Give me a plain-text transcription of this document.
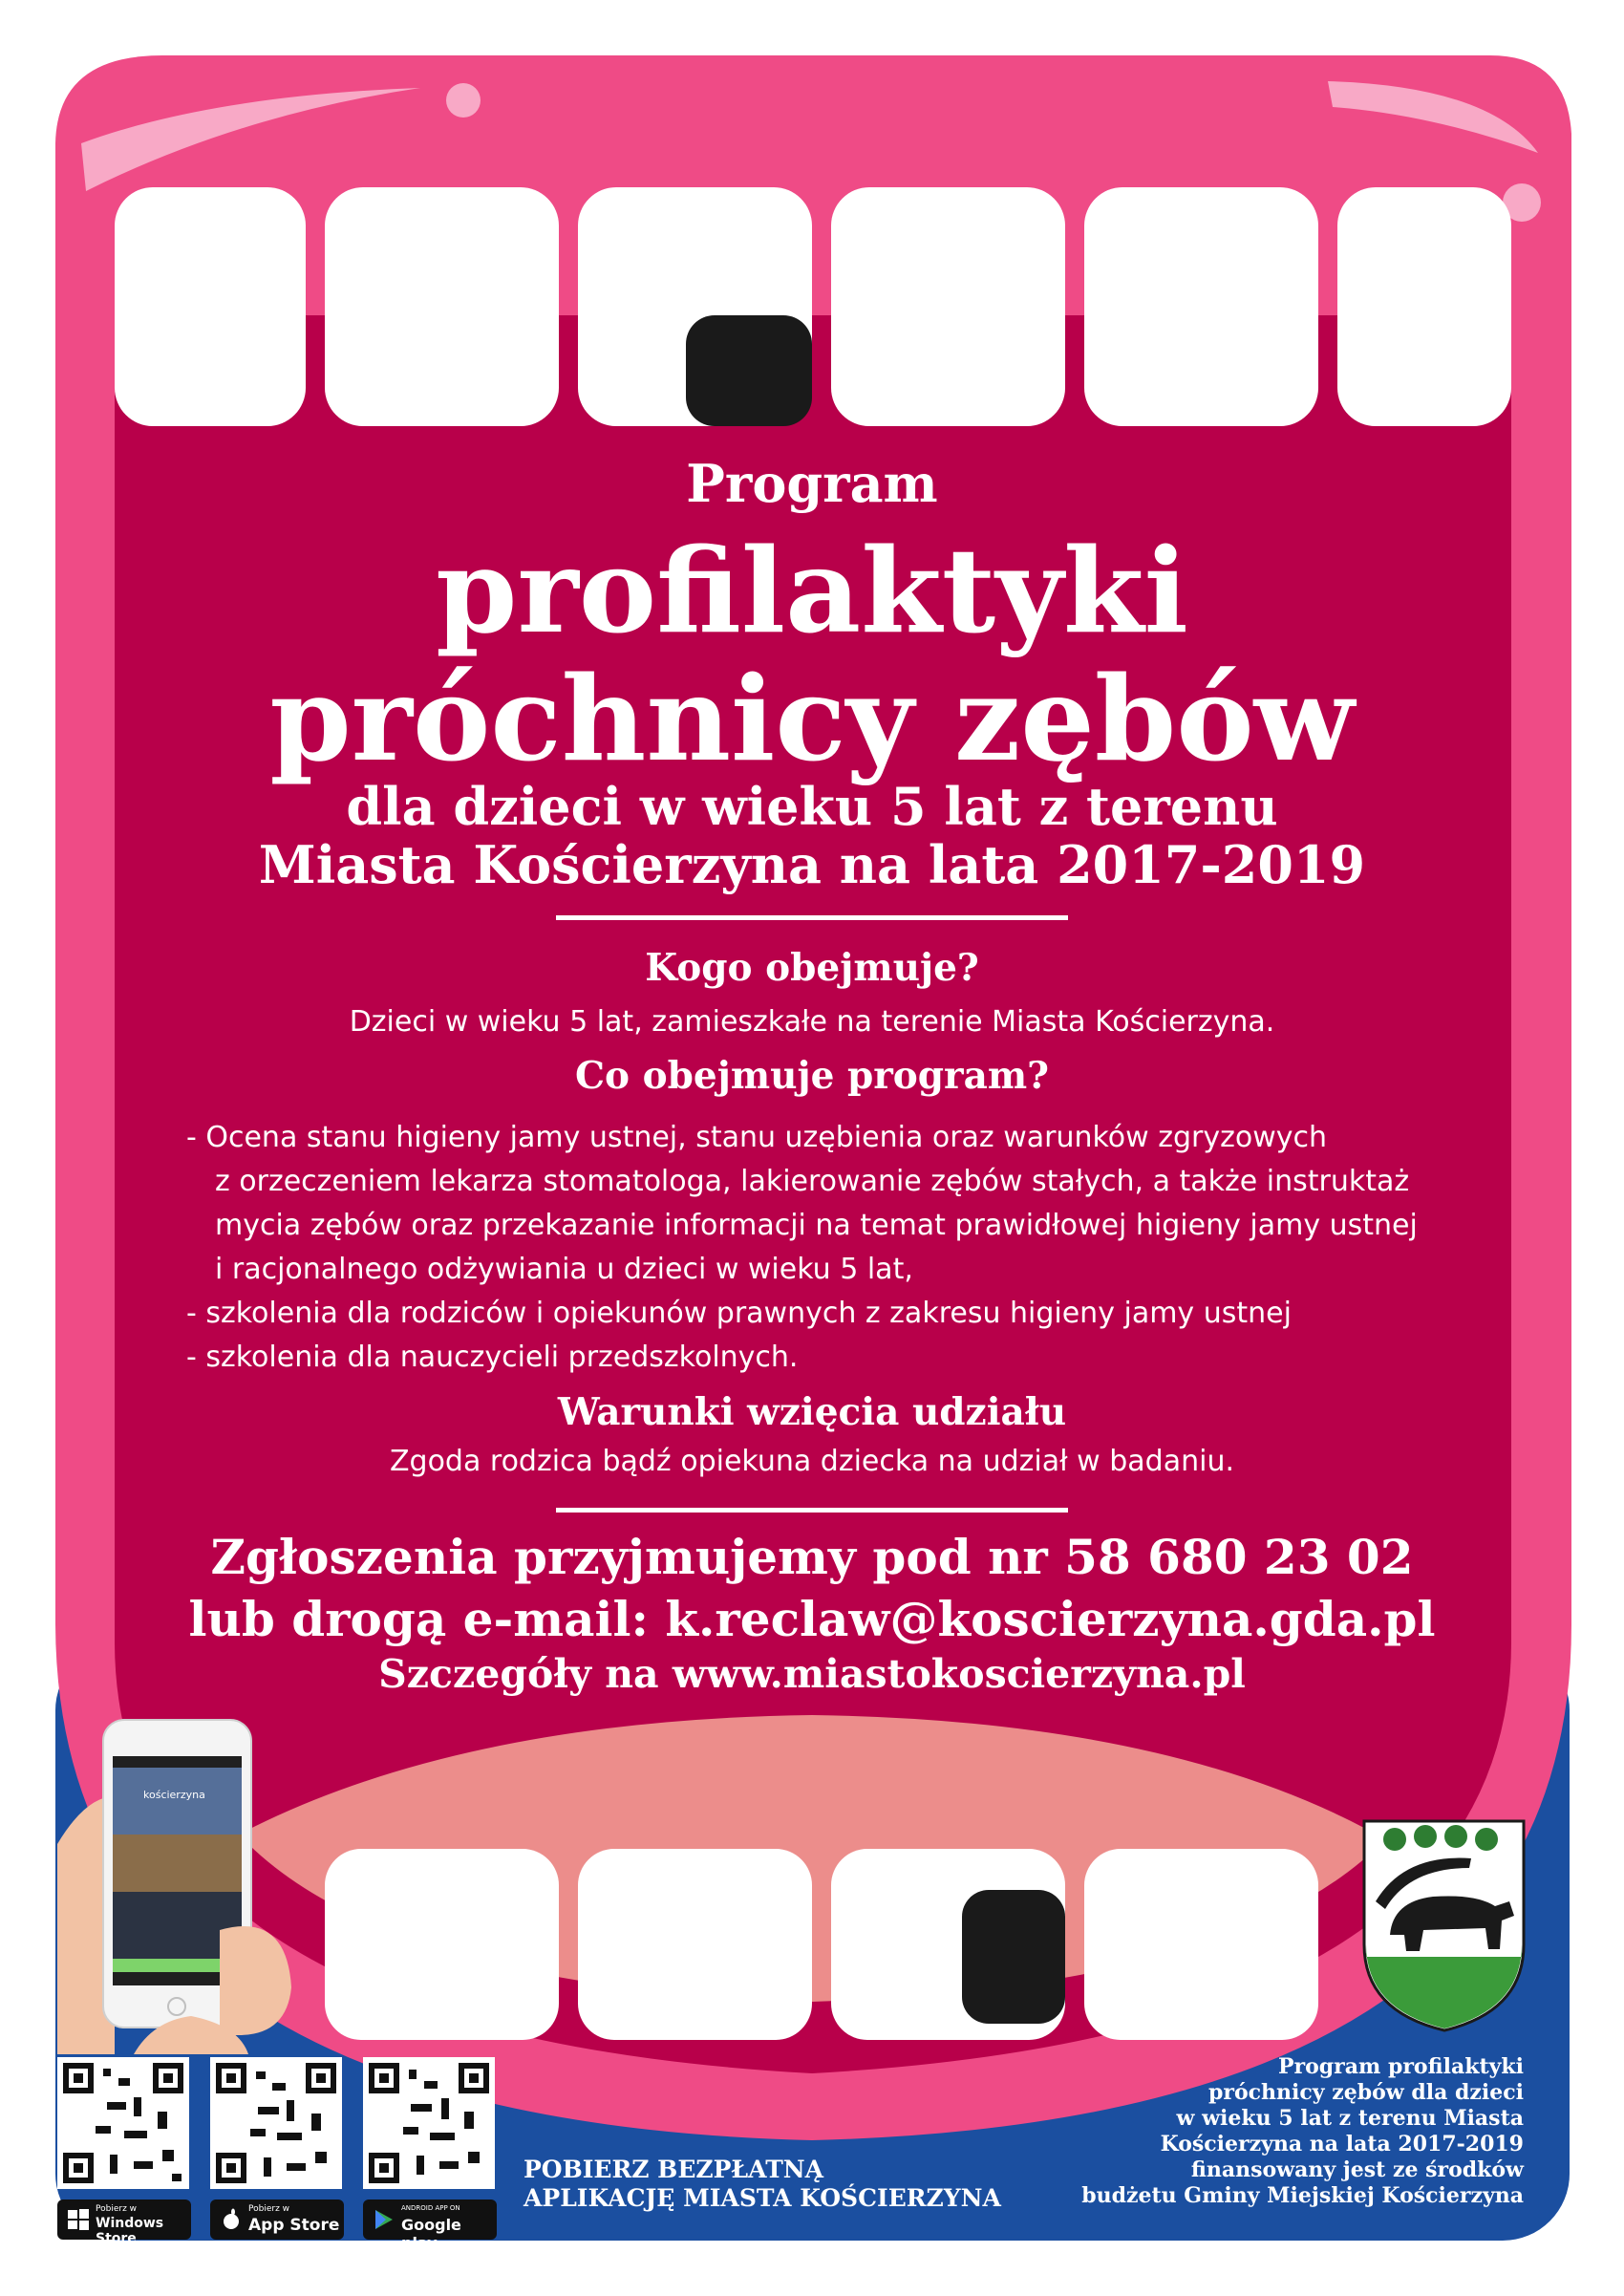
kościerzyna
Program
profilaktyki
próchnicy zębów
dla dzieci w wieku 5 lat z terenu
Miasta Kościerzyna na lata 2017-2019
Kogo obejmuje?
Dzieci w wieku 5 lat, zamieszkałe na terenie Miasta Kościerzyna.
Co obejmuje program?
- Ocena stanu higieny jamy ustnej, stanu uzębienia oraz warunków zgryzowych
z orzeczeniem lekarza stomatologa, lakierowanie zębów stałych, a także instruktaż
mycia zębów oraz przekazanie informacji na temat prawidłowej higieny jamy ustnej
i racjonalnego odżywiania u dzieci w wieku 5 lat,
- szkolenia dla rodziców i opiekunów prawnych z zakresu higieny jamy ustnej
- szkolenia dla nauczycieli przedszkolnych.
Warunki wzięcia udziału
Zgoda rodzica bądź opiekuna dziecka na udział w badaniu.
Zgłoszenia przyjmujemy pod nr 58 680 23 02
lub drogą e-mail: k.reclaw@koscierzyna.gda.pl
Szczegóły na www.miastokoscierzyna.pl
Pobierz w
Windows Store
Pobierz w
App Store
ANDROID APP ON
Google play
POBIERZ BEZPŁATNĄ
APLIKACJĘ MIASTA KOŚCIERZYNA
Program profilaktyki
próchnicy zębów dla dzieci
w wieku 5 lat z terenu Miasta
Kościerzyna na lata 2017-2019
finansowany jest ze środków
budżetu Gminy Miejskiej Kościerzyna
